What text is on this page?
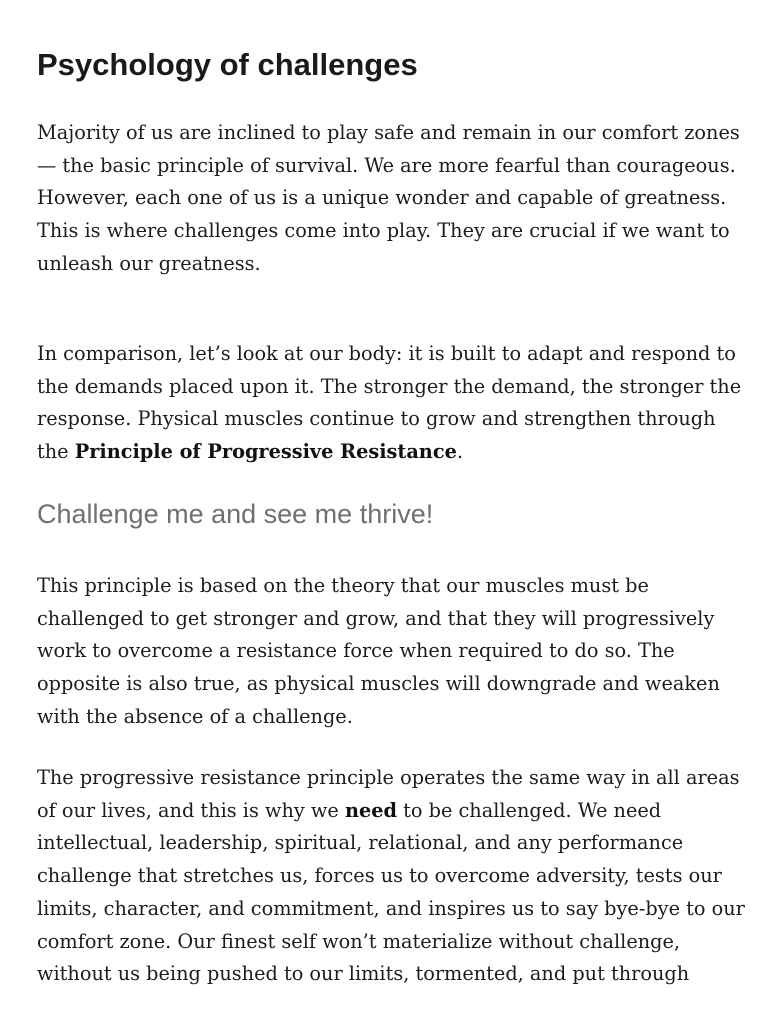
Psychology of challenges

Majority of us are inclined to play safe and remain in our comfort zones
— the basic principle of survival. We are more fearful than courageous.
However, each one of us is a unique wonder and capable of greatness.
This is where challenges come into play. They are crucial if we want to
unleash our greatness.

In comparison, let’s look at our body: it is built to adapt and respond to
the demands placed upon it. The stronger the demand, the stronger the
response. Physical muscles continue to grow and strengthen through
the Principle of Progressive Resistance.

Challenge me and see me thrive!

This principle is based on the theory that our muscles must be
challenged to get stronger and grow, and that they will progressively
work to overcome a resistance force when required to do so. The
opposite is also true, as physical muscles will downgrade and weaken
with the absence of a challenge.

The progressive resistance principle operates the same way in all areas
of our lives, and this is why we need to be challenged. We need
intellectual, leadership, spiritual, relational, and any performance
challenge that stretches us, forces us to overcome adversity, tests our
limits, character, and commitment, and inspires us to say bye-bye to our
comfort zone. Our finest self won’t materialize without challenge,
without us being pushed to our limits, tormented, and put through
